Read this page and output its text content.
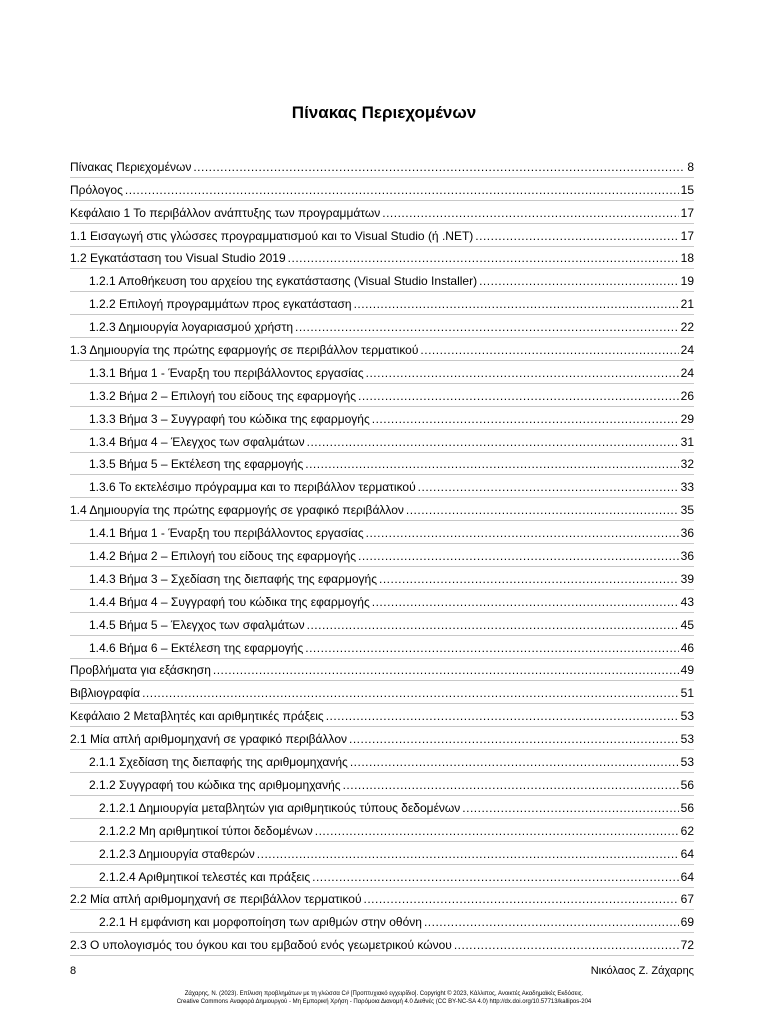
Πίνακας Περιεχομένων
Πίνακας Περιεχομένων .....	8
Πρόλογος .....	15
Κεφάλαιο 1 Το περιβάλλον ανάπτυξης των προγραμμάτων .....	17
1.1 Εισαγωγή στις γλώσσες προγραμματισμού και το Visual Studio (ή .NET) .....	17
1.2 Εγκατάσταση του Visual Studio 2019 .....	18
1.2.1 Αποθήκευση του αρχείου της εγκατάστασης (Visual Studio Installer) .....	19
1.2.2 Επιλογή προγραμμάτων προς εγκατάσταση .....	21
1.2.3 Δημιουργία λογαριασμού χρήστη .....	22
1.3 Δημιουργία της πρώτης εφαρμογής σε περιβάλλον τερματικού .....	24
1.3.1 Βήμα 1 - Έναρξη του περιβάλλοντος εργασίας .....	24
1.3.2 Βήμα 2 – Επιλογή του είδους της εφαρμογής .....	26
1.3.3 Βήμα 3 – Συγγραφή του κώδικα της εφαρμογής .....	29
1.3.4 Βήμα 4 – Έλεγχος των σφαλμάτων .....	31
1.3.5 Βήμα 5 – Εκτέλεση της εφαρμογής .....	32
1.3.6 Το εκτελέσιμο πρόγραμμα και το περιβάλλον τερματικού .....	33
1.4 Δημιουργία της πρώτης εφαρμογής σε γραφικό περιβάλλον .....	35
1.4.1 Βήμα 1 - Έναρξη του περιβάλλοντος εργασίας .....	36
1.4.2 Βήμα 2 – Επιλογή του είδους της εφαρμογής .....	36
1.4.3 Βήμα 3 – Σχεδίαση της διεπαφής της εφαρμογής .....	39
1.4.4 Βήμα 4 – Συγγραφή του κώδικα της εφαρμογής .....	43
1.4.5 Βήμα 5 – Έλεγχος των σφαλμάτων .....	45
1.4.6 Βήμα 6 – Εκτέλεση της εφαρμογής .....	46
Προβλήματα για εξάσκηση .....	49
Βιβλιογραφία .....	51
Κεφάλαιο 2 Μεταβλητές και αριθμητικές πράξεις .....	53
2.1 Μία απλή αριθμομηχανή σε γραφικό περιβάλλον .....	53
2.1.1 Σχεδίαση της διεπαφής της αριθμομηχανής .....	53
2.1.2 Συγγραφή του κώδικα της αριθμομηχανής .....	56
2.1.2.1 Δημιουργία μεταβλητών για αριθμητικούς τύπους δεδομένων .....	56
2.1.2.2 Μη αριθμητικοί τύποι δεδομένων .....	62
2.1.2.3 Δημιουργία σταθερών .....	64
2.1.2.4 Αριθμητικοί τελεστές και πράξεις .....	64
2.2 Μία απλή αριθμομηχανή σε περιβάλλον τερματικού .....	67
2.2.1 Η εμφάνιση και μορφοποίηση των αριθμών στην οθόνη .....	69
2.3 Ο υπολογισμός του όγκου και του εμβαδού ενός γεωμετρικού κώνου .....	72
8	Νικόλαος Ζ. Ζάχαρης
Ζάχαρης, Ν. (2023). Επίλυση προβλημάτων με τη γλώσσα C# [Προπτυχιακό εγχειρίδιο]. Copyright © 2023, Κάλλιπος, Ανοικτές Ακαδημαϊκές Εκδόσεις.
Creative Commons Αναφορά Δημιουργού - Μη Εμπορική Χρήση - Παρόμοια Διανομή 4.0 Διεθνές (CC BY-NC-SA 4.0) http://dx.doi.org/10.57713/kallipos-204
